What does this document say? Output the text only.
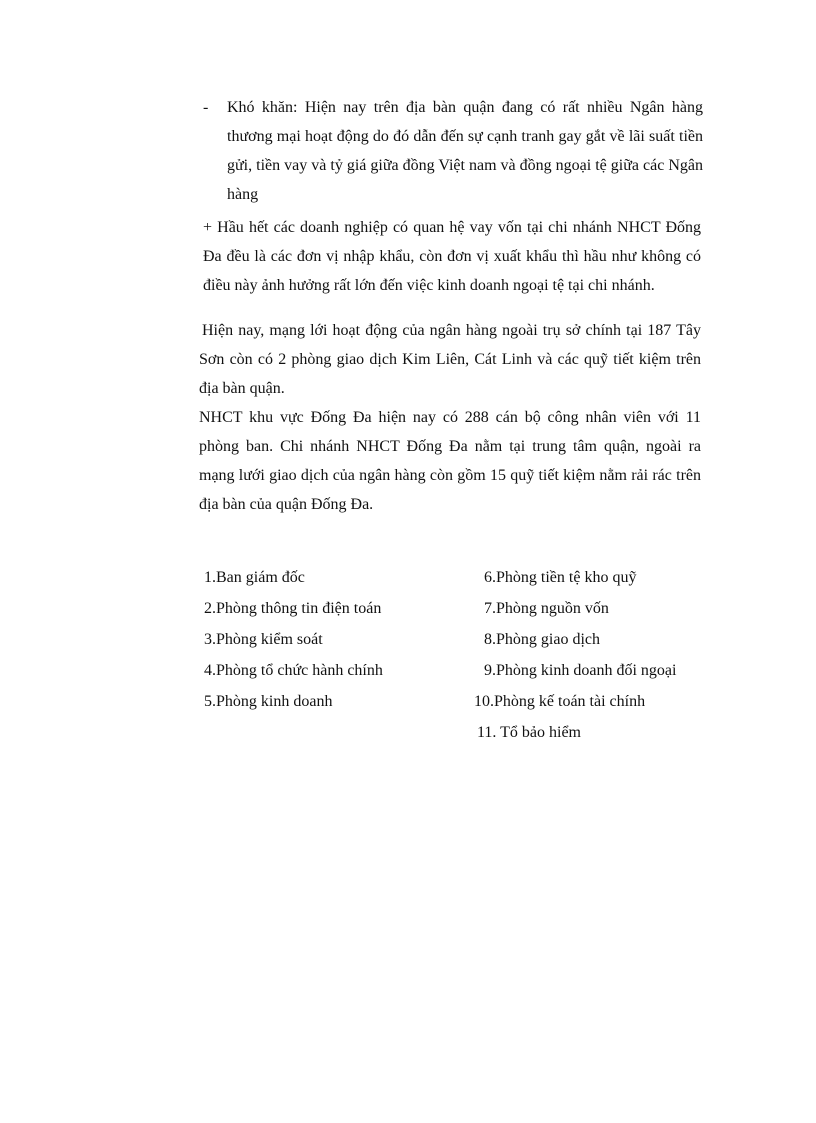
- Khó khăn: Hiện nay trên địa bàn quận đang có rất nhiều Ngân hàng thương mại hoạt động do đó dẫn đến sự cạnh tranh gay gắt về lãi suất tiền gửi, tiền vay và tỷ giá giữa đồng Việt nam và đồng ngoại tệ giữa các Ngân hàng

+ Hầu hết các doanh nghiệp có quan hệ vay vốn tại chi nhánh NHCT Đống Đa đều là các đơn vị nhập khẩu, còn đơn vị xuất khẩu thì hầu như không có điều này ảnh hưởng rất lớn đến việc kinh doanh ngoại tệ tại chi nhánh.

Hiện nay, mạng lới hoạt động của ngân hàng ngoài trụ sở chính tại 187 Tây Sơn còn có 2 phòng giao dịch Kim Liên, Cát Linh và các quỹ tiết kiệm trên địa bàn quận.

NHCT khu vực Đống Đa hiện nay có 288 cán bộ công nhân viên với 11 phòng ban. Chi nhánh NHCT Đống Đa nằm tại trung tâm quận, ngoài ra mạng lưới giao dịch của ngân hàng còn gồm 15 quỹ tiết kiệm nằm rải rác trên địa bàn của quận Đống Đa.

1.Ban giám đốc
2.Phòng thông tin điện toán
3.Phòng kiểm soát
4.Phòng tổ chức hành chính
5.Phòng kinh doanh
6.Phòng tiền tệ kho quỹ
7.Phòng nguồn vốn
8.Phòng giao dịch
9.Phòng kinh doanh đối ngoại
10.Phòng kế toán tài chính
11. Tổ bảo hiểm
